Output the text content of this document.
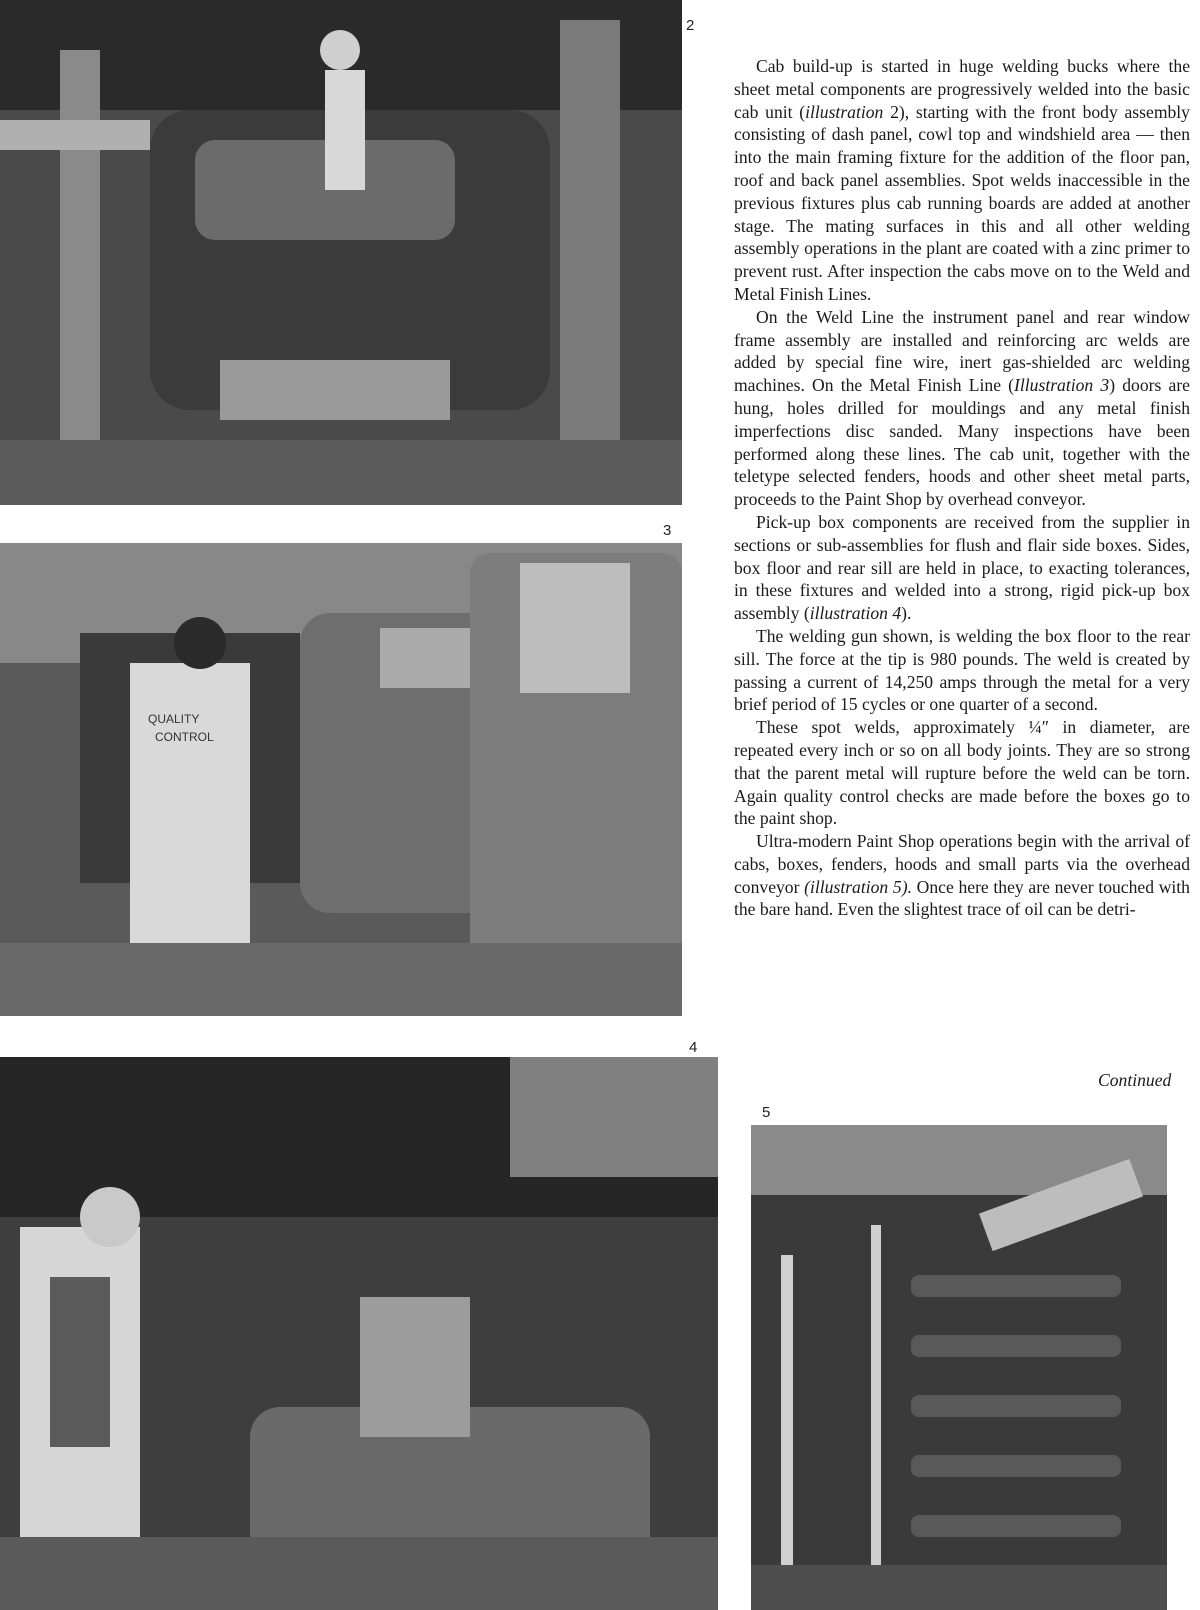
2
QUALITY
CONTROL
3
4
5

Cab build-up is started in huge welding bucks where the sheet metal components are progressively welded into the basic cab unit (illustration 2), starting with the front body assembly consisting of dash panel, cowl top and windshield area — then into the main framing fixture for the addition of the floor pan, roof and back panel assemblies. Spot welds inaccessible in the previous fixtures plus cab running boards are added at another stage. The mating surfaces in this and all other welding assembly operations in the plant are coated with a zinc primer to prevent rust. After inspection the cabs move on to the Weld and Metal Finish Lines.

On the Weld Line the instrument panel and rear window frame assembly are installed and reinforcing arc welds are added by special fine wire, inert gas-shielded arc welding machines. On the Metal Finish Line (Illustration 3) doors are hung, holes drilled for mouldings and any metal finish imperfections disc sanded. Many inspections have been performed along these lines. The cab unit, together with the teletype selected fenders, hoods and other sheet metal parts, proceeds to the Paint Shop by overhead conveyor.

Pick-up box components are received from the supplier in sections or sub-assemblies for flush and flair side boxes. Sides, box floor and rear sill are held in place, to exacting tolerances, in these fixtures and welded into a strong, rigid pick-up box assembly (illustration 4).

The welding gun shown, is welding the box floor to the rear sill. The force at the tip is 980 pounds. The weld is created by passing a current of 14,250 amps through the metal for a very brief period of 15 cycles or one quarter of a second.

These spot welds, approximately ¼″ in diameter, are repeated every inch or so on all body joints. They are so strong that the parent metal will rupture before the weld can be torn. Again quality control checks are made before the boxes go to the paint shop.

Ultra-modern Paint Shop operations begin with the arrival of cabs, boxes, fenders, hoods and small parts via the overhead conveyor (illustration 5). Once here they are never touched with the bare hand. Even the slightest trace of oil can be detri-

Continued
